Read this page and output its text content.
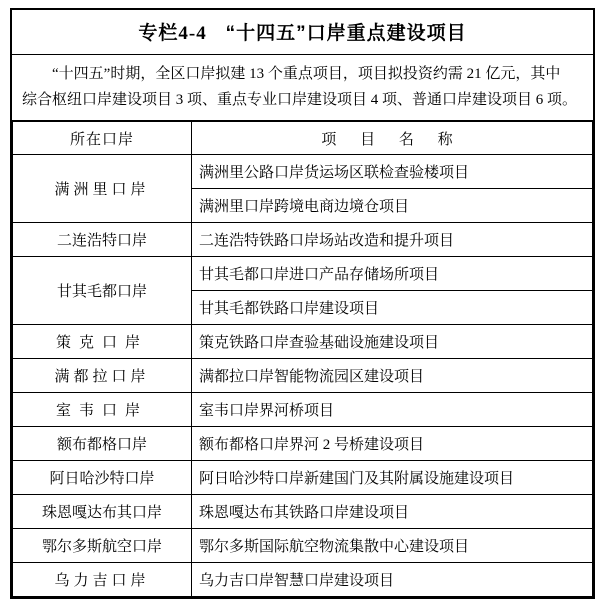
专栏4-4 “十四五”口岸重点建设项目

“十四五”时期，全区口岸拟建 13 个重点项目，项目拟投资约需 21 亿元，其中

综合枢纽口岸建设项目 3 项、重点专业口岸建设项目 4 项、普通口岸建设项目 6 项。

所在口岸	项 目 名 称
满洲里口岸	满洲里公路口岸货运场区联检查验楼项目
	满洲里口岸跨境电商边境仓项目
二连浩特口岸	二连浩特铁路口岸场站改造和提升项目
甘其毛都口岸	甘其毛都口岸进口产品存储场所项目
	甘其毛都铁路口岸建设项目
策克口岸	策克铁路口岸查验基础设施建设项目
满都拉口岸	满都拉口岸智能物流园区建设项目
室韦口岸	室韦口岸界河桥项目
额布都格口岸	额布都格口岸界河 2 号桥建设项目
阿日哈沙特口岸	阿日哈沙特口岸新建国门及其附属设施建设项目
珠恩嘎达布其口岸	珠恩嘎达布其铁路口岸建设项目
鄂尔多斯航空口岸	鄂尔多斯国际航空物流集散中心建设项目
乌力吉口岸	乌力吉口岸智慧口岸建设项目
